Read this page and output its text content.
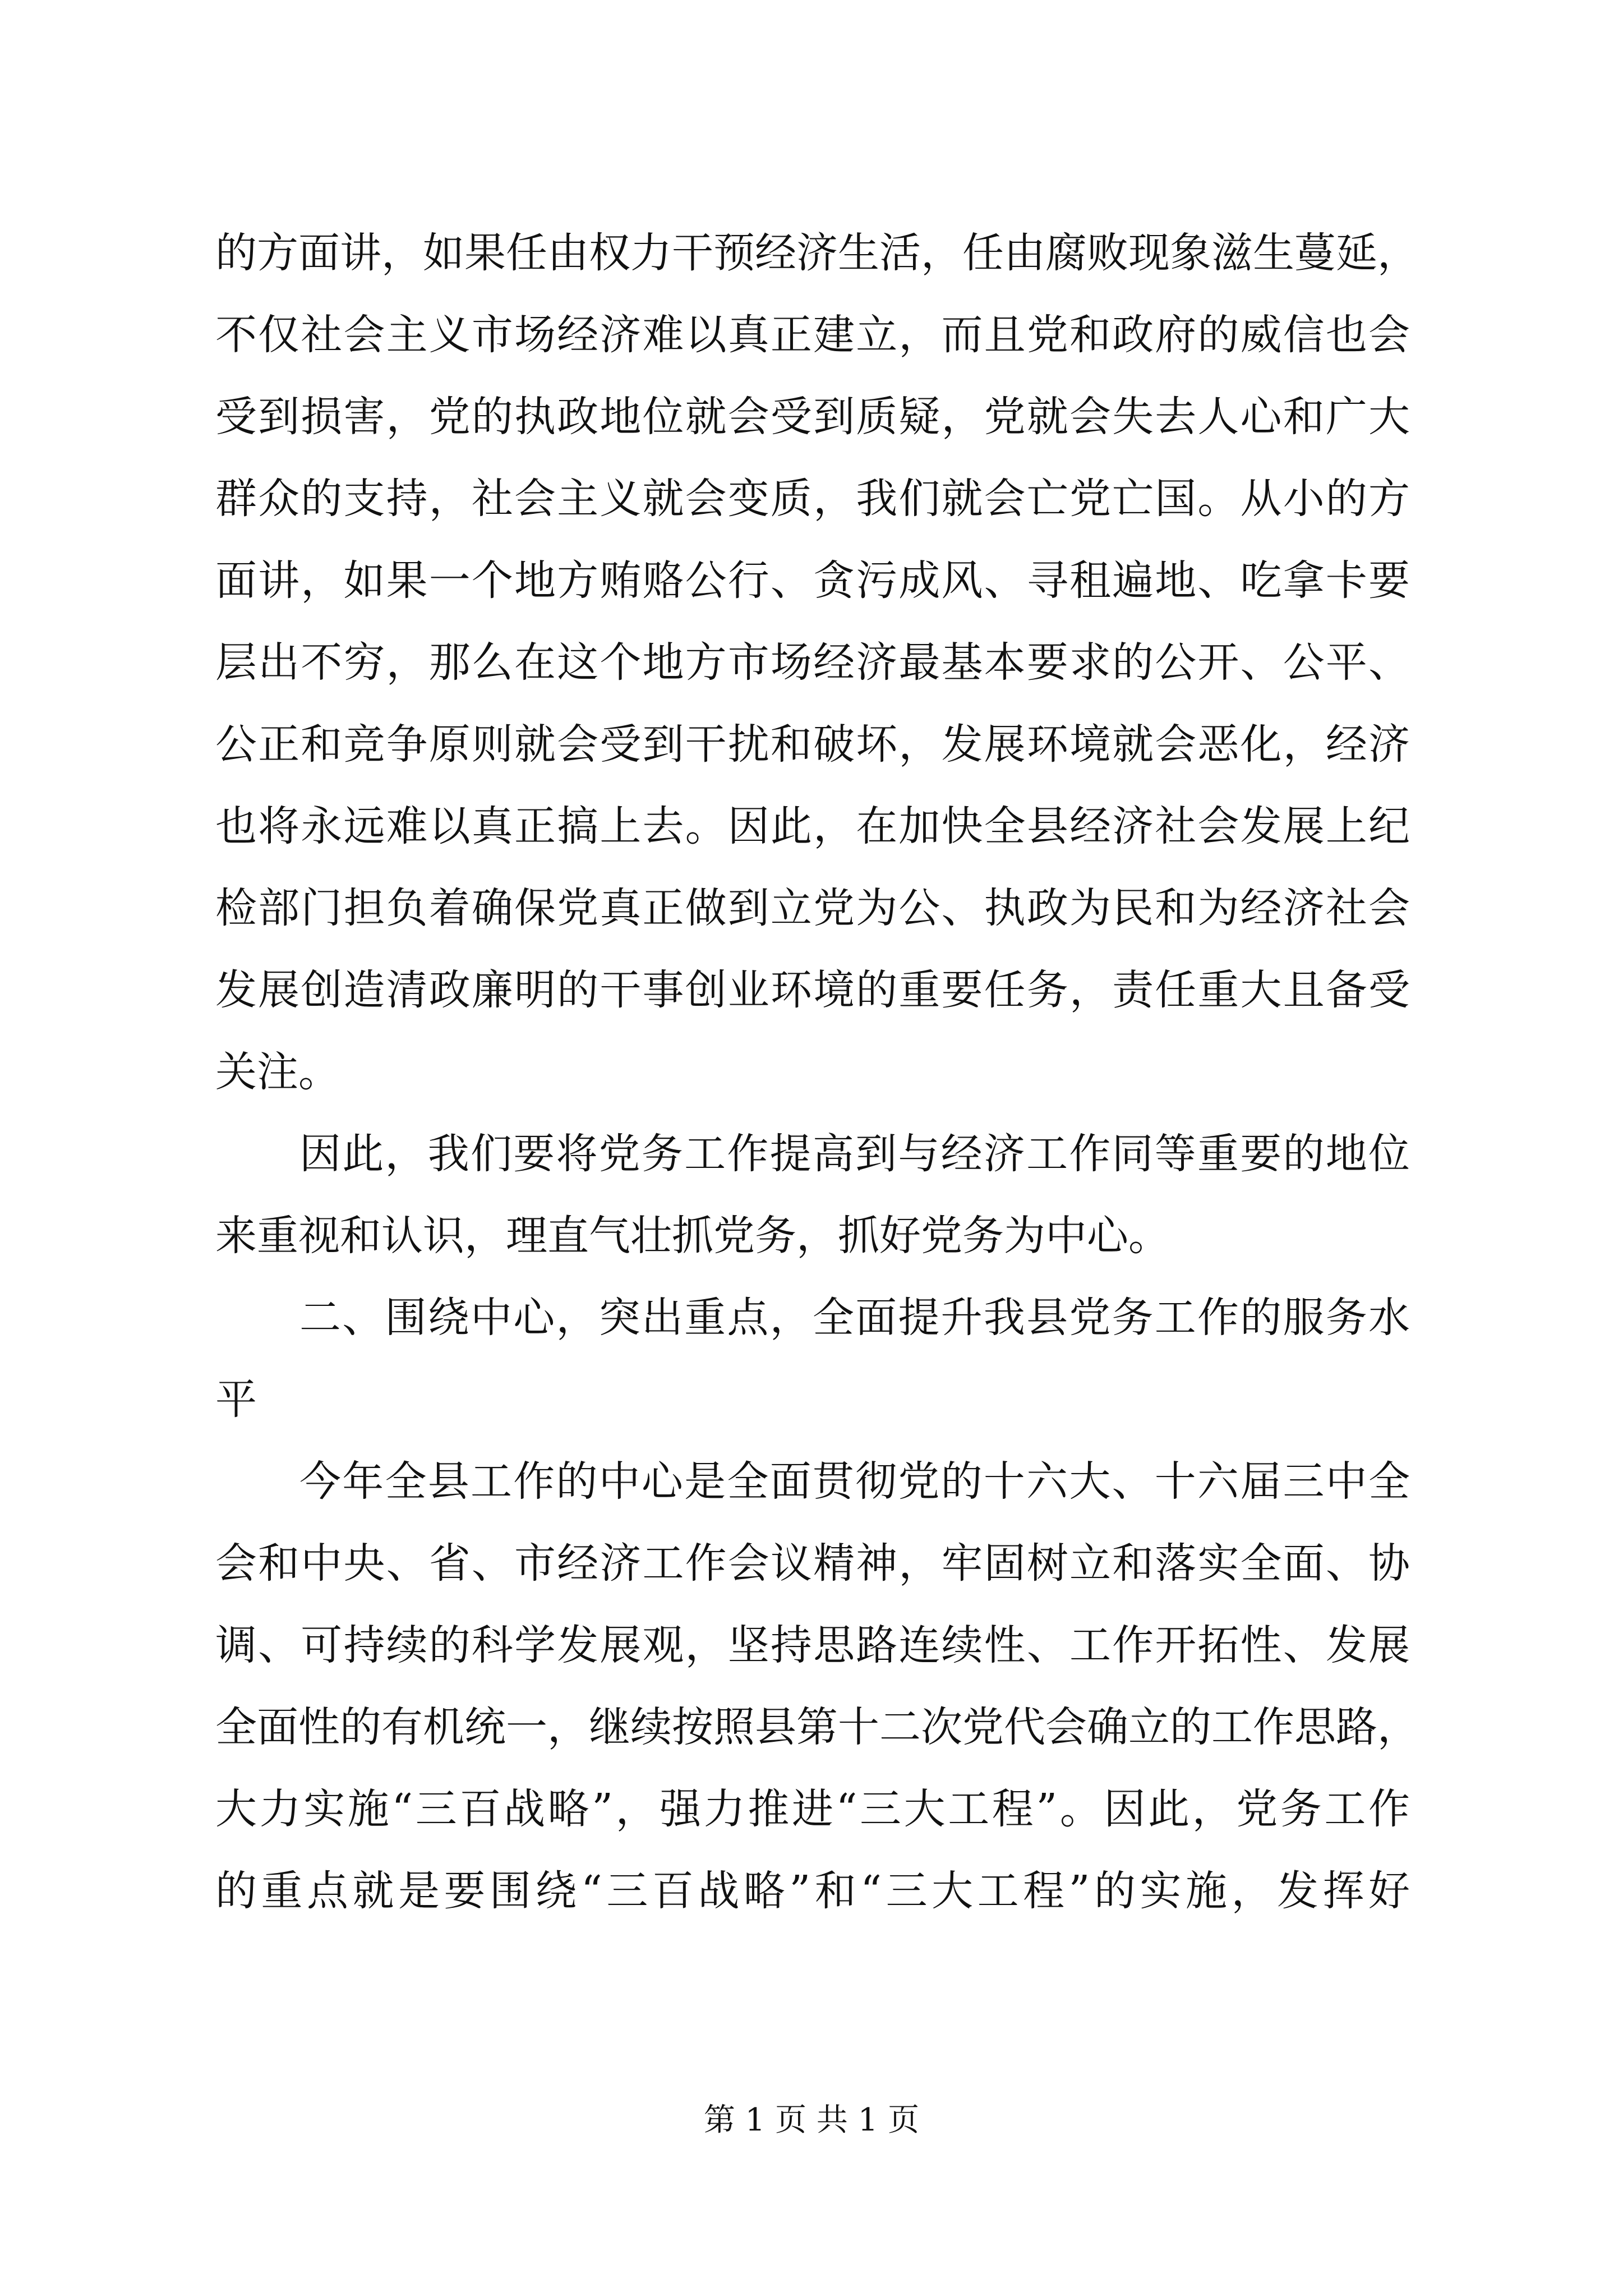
的方面讲，如果任由权力干预经济生活，任由腐败现象滋生蔓延，
不仅社会主义市场经济难以真正建立，而且党和政府的威信也会
受到损害，党的执政地位就会受到质疑，党就会失去人心和广大
群众的支持，社会主义就会变质，我们就会亡党亡国。从小的方
面讲，如果一个地方贿赂公行、贪污成风、寻租遍地、吃拿卡要
层出不穷，那么在这个地方市场经济最基本要求的公开、公平、
公正和竞争原则就会受到干扰和破坏，发展环境就会恶化，经济
也将永远难以真正搞上去。因此，在加快全县经济社会发展上纪
检部门担负着确保党真正做到立党为公、执政为民和为经济社会
发展创造清政廉明的干事创业环境的重要任务，责任重大且备受
关注。
因此，我们要将党务工作提高到与经济工作同等重要的地位
来重视和认识，理直气壮抓党务，抓好党务为中心。
二、围绕中心，突出重点，全面提升我县党务工作的服务水
平
今年全县工作的中心是全面贯彻党的十六大、十六届三中全
会和中央、省、市经济工作会议精神，牢固树立和落实全面、协
调、可持续的科学发展观，坚持思路连续性、工作开拓性、发展
全面性的有机统一，继续按照县第十二次党代会确立的工作思路，
大力实施“三百战略”，强力推进“三大工程”。因此，党务工作
的重点就是要围绕“三百战略”和“三大工程”的实施，发挥好
第 1 页 共 1 页
